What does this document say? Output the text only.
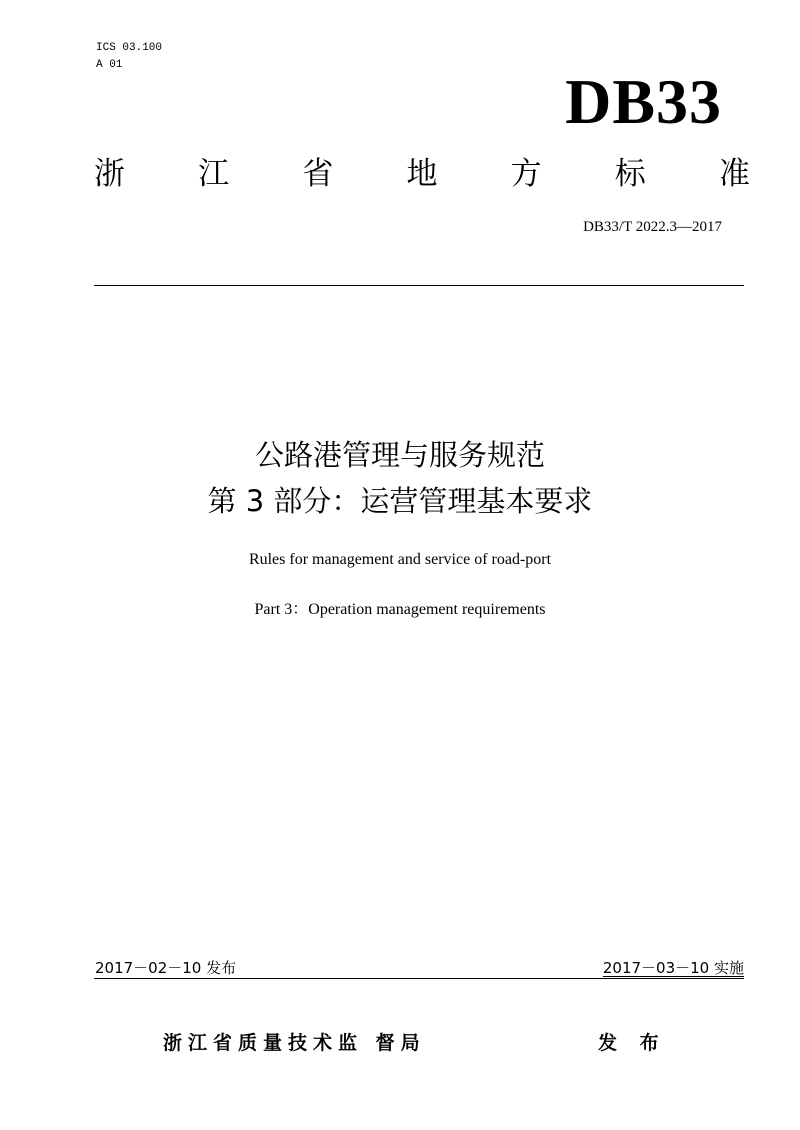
ICS 03.100
A 01
DB33
浙 江 省 地 方 标 准
DB33/T 2022.3—2017
公路港管理与服务规范
第 3 部分：运营管理基本要求
Rules for management and service of road-port
Part 3：Operation management requirements
2017－02－10 发布	2017－03－10 实施
浙江省质量技术监 督局	发 布
